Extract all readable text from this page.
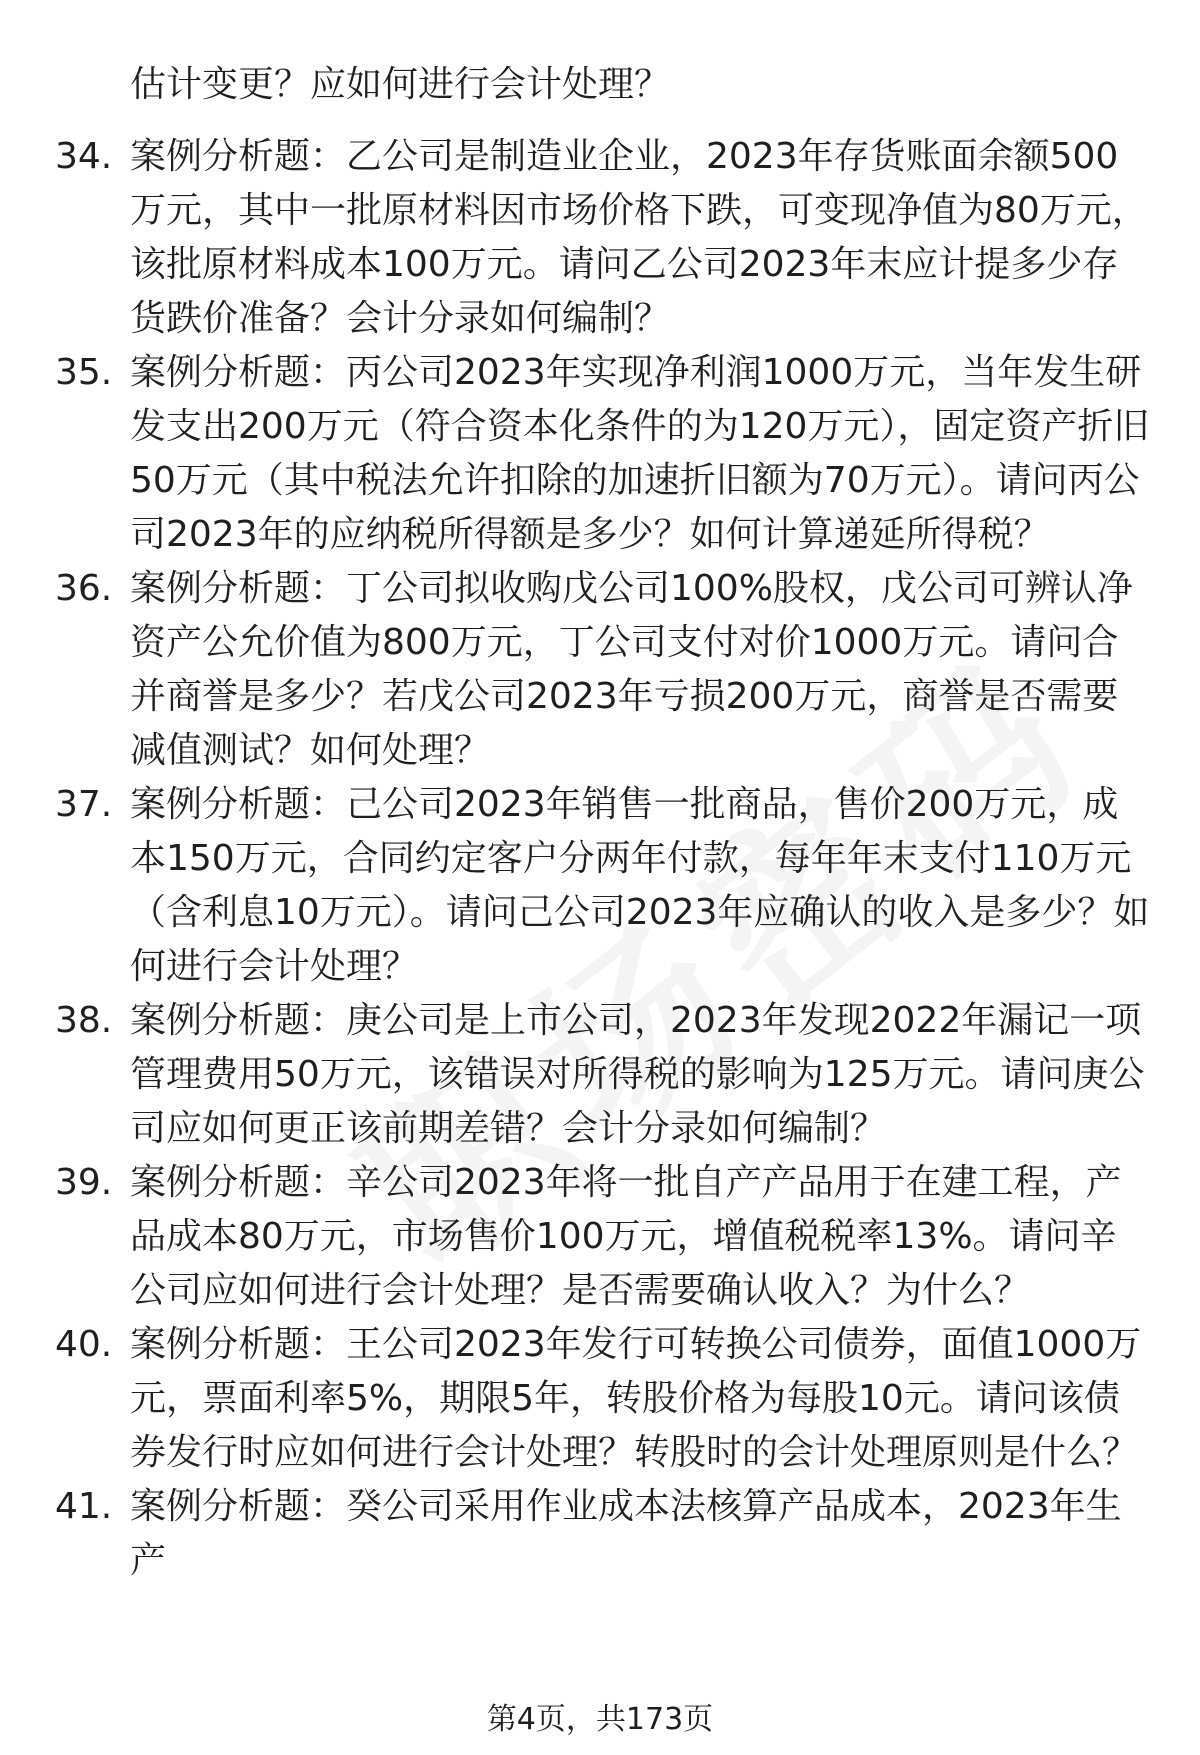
估计变更？应如何进行会计处理？
34. 案例分析题：乙公司是制造业企业，2023年存货账面余额500万元，其中一批原材料因市场价格下跌，可变现净值为80万元，该批原材料成本100万元。请问乙公司2023年末应计提多少存货跌价准备？会计分录如何编制？
35. 案例分析题：丙公司2023年实现净利润1000万元，当年发生研发支出200万元（符合资本化条件的为120万元），固定资产折旧50万元（其中税法允许扣除的加速折旧额为70万元）。请问丙公司2023年的应纳税所得额是多少？如何计算递延所得税？
36. 案例分析题：丁公司拟收购戊公司100%股权，戊公司可辨认净资产公允价值为800万元，丁公司支付对价1000万元。请问合并商誉是多少？若戊公司2023年亏损200万元，商誉是否需要减值测试？如何处理？
37. 案例分析题：己公司2023年销售一批商品，售价200万元，成本150万元，合同约定客户分两年付款，每年年末支付110万元（含利息10万元）。请问己公司2023年应确认的收入是多少？如何进行会计处理？
38. 案例分析题：庚公司是上市公司，2023年发现2022年漏记一项管理费用50万元，该错误对所得税的影响为125万元。请问庚公司应如何更正该前期差错？会计分录如何编制？
39. 案例分析题：辛公司2023年将一批自产产品用于在建工程，产品成本80万元，市场售价100万元，增值税税率13%。请问辛公司应如何进行会计处理？是否需要确认收入？为什么？
40. 案例分析题：王公司2023年发行可转换公司债券，面值1000万元，票面利率5%，期限5年，转股价格为每股10元。请问该债券发行时应如何进行会计处理？转股时的会计处理原则是什么？
41. 案例分析题：癸公司采用作业成本法核算产品成本，2023年生产
第4页，共173页
